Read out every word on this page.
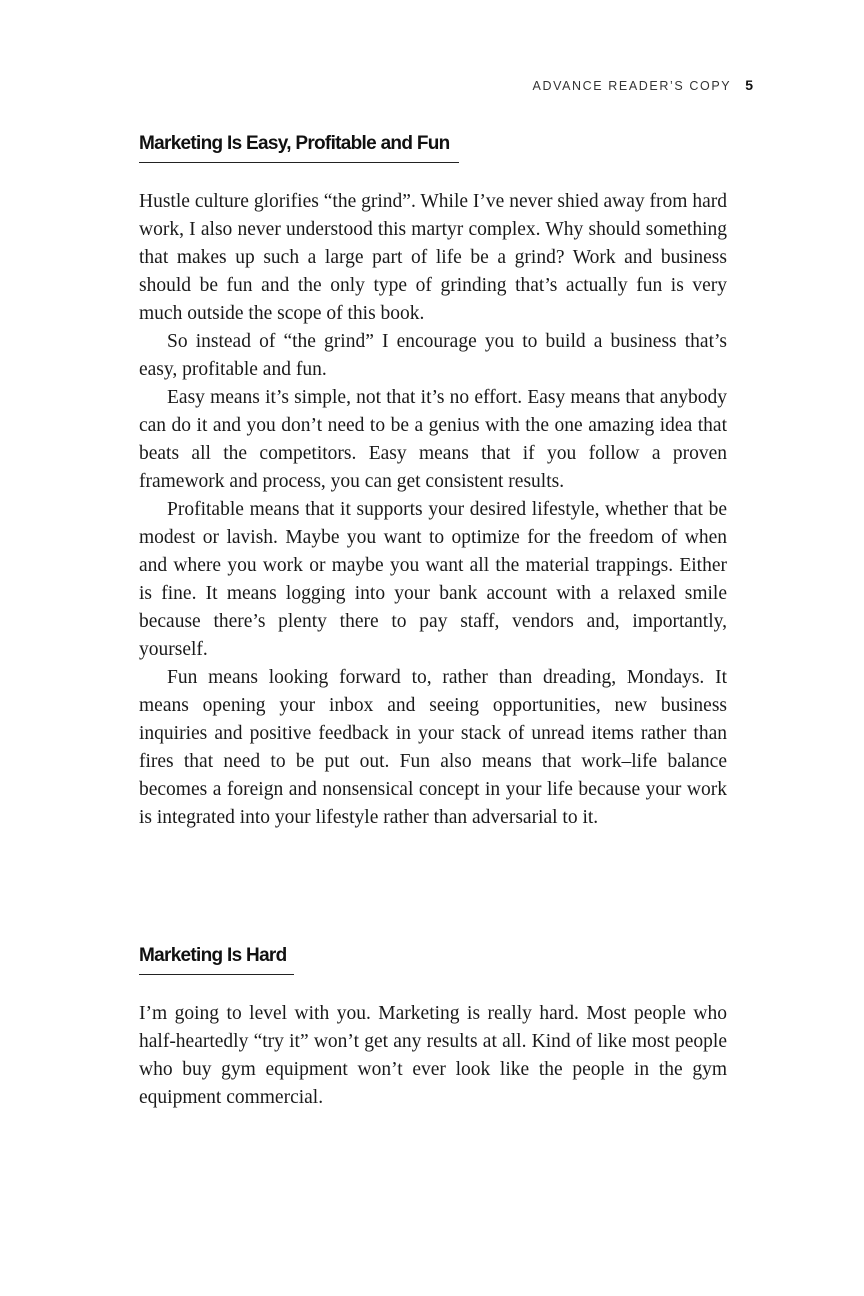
ADVANCE READER’S COPY 5
Marketing Is Easy, Profitable and Fun

Hustle culture glorifies “the grind”. While I’ve never shied away from hard work, I also never understood this martyr complex. Why should something that makes up such a large part of life be a grind? Work and business should be fun and the only type of grinding that’s actually fun is very much outside the scope of this book.

So instead of “the grind” I encourage you to build a business that’s easy, profitable and fun.

Easy means it’s simple, not that it’s no effort. Easy means that anybody can do it and you don’t need to be a genius with the one amazing idea that beats all the competitors. Easy means that if you follow a proven framework and process, you can get consistent results.

Profitable means that it supports your desired lifestyle, whether that be modest or lavish. Maybe you want to optimize for the freedom of when and where you work or maybe you want all the material trappings. Either is fine. It means logging into your bank account with a relaxed smile because there’s plenty there to pay staff, vendors and, importantly, yourself.

Fun means looking forward to, rather than dreading, Mondays. It means opening your inbox and seeing opportunities, new business inquiries and positive feedback in your stack of unread items rather than fires that need to be put out. Fun also means that work–life balance becomes a foreign and nonsensical concept in your life because your work is integrated into your lifestyle rather than adversarial to it.

Marketing Is Hard

I’m going to level with you. Marketing is really hard. Most people who half-heartedly “try it” won’t get any results at all. Kind of like most people who buy gym equipment won’t ever look like the people in the gym equipment commercial.
